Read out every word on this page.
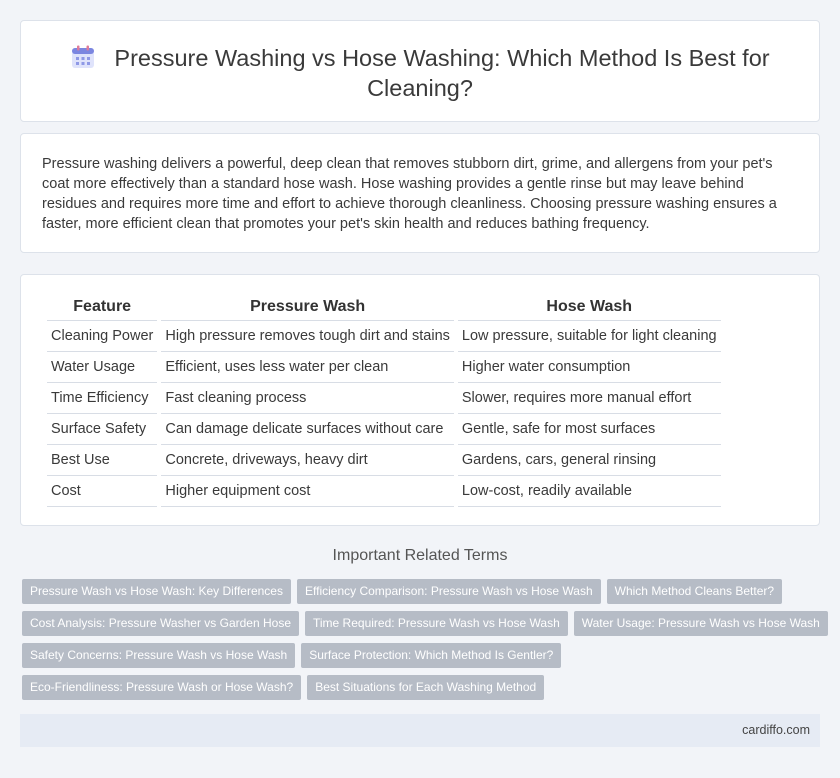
Pressure Washing vs Hose Washing: Which Method Is Best for Cleaning?

Pressure washing delivers a powerful, deep clean that removes stubborn dirt, grime, and allergens from your pet's coat more effectively than a standard hose wash. Hose washing provides a gentle rinse but may leave behind residues and requires more time and effort to achieve thorough cleanliness. Choosing pressure washing ensures a faster, more efficient clean that promotes your pet's skin health and reduces bathing frequency.

Feature	Pressure Wash	Hose Wash
Cleaning Power	High pressure removes tough dirt and stains	Low pressure, suitable for light cleaning
Water Usage	Efficient, uses less water per clean	Higher water consumption
Time Efficiency	Fast cleaning process	Slower, requires more manual effort
Surface Safety	Can damage delicate surfaces without care	Gentle, safe for most surfaces
Best Use	Concrete, driveways, heavy dirt	Gardens, cars, general rinsing
Cost	Higher equipment cost	Low-cost, readily available
Important Related Terms
Pressure Wash vs Hose Wash: Key Differences Efficiency Comparison: Pressure Wash vs Hose Wash Which Method Cleans Better?
Cost Analysis: Pressure Washer vs Garden Hose Time Required: Pressure Wash vs Hose Wash Water Usage: Pressure Wash vs Hose Wash
Safety Concerns: Pressure Wash vs Hose Wash Surface Protection: Which Method Is Gentler?
Eco-Friendliness: Pressure Wash or Hose Wash? Best Situations for Each Washing Method
cardiffo.com
